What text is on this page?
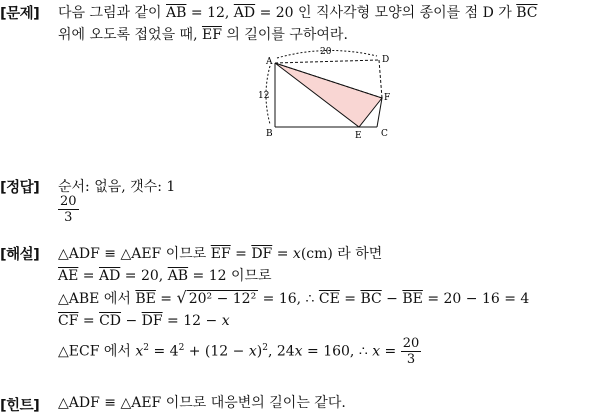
[문제]	다음 그림과 같이 $\overline{AB} = 12$, $\overline{AD} = 20$ 인 직사각형 모양의 종이를 점 D 가 $\overline{BC}$
위에 오도록 접었을 때, $\overline{EF}$ 의 길이를 구하여라.
A
B	C
D
E
F
20
12
[정답]	순서: 없음, 갯수: 1
$\frac{20}{3}$
[해설]	△ADF ≡ △AEF 이므로 $\overline{EF} = \overline{DF} = x(cm)$ 라 하면
$\overline{AE} = \overline{AD} = 20$, $\overline{AB} = 12$ 이므로
△ABE 에서 $\overline{BE}$ = √ 20² − 12² = 16, ∴ $\overline{CE} = \overline{BC} - \overline{BE} = 20 - 16 = 4$
$\overline{CF} = \overline{CD} - \overline{DF} = 12 - x$
△ECF 에서 $x^2 = 4^2 + (12 - x)^2$, 24x = 160, ∴ $x = \frac{20}{3}$
[힌트]	△ADF ≡ △AEF 이므로 대응변의 길이는 같다.
